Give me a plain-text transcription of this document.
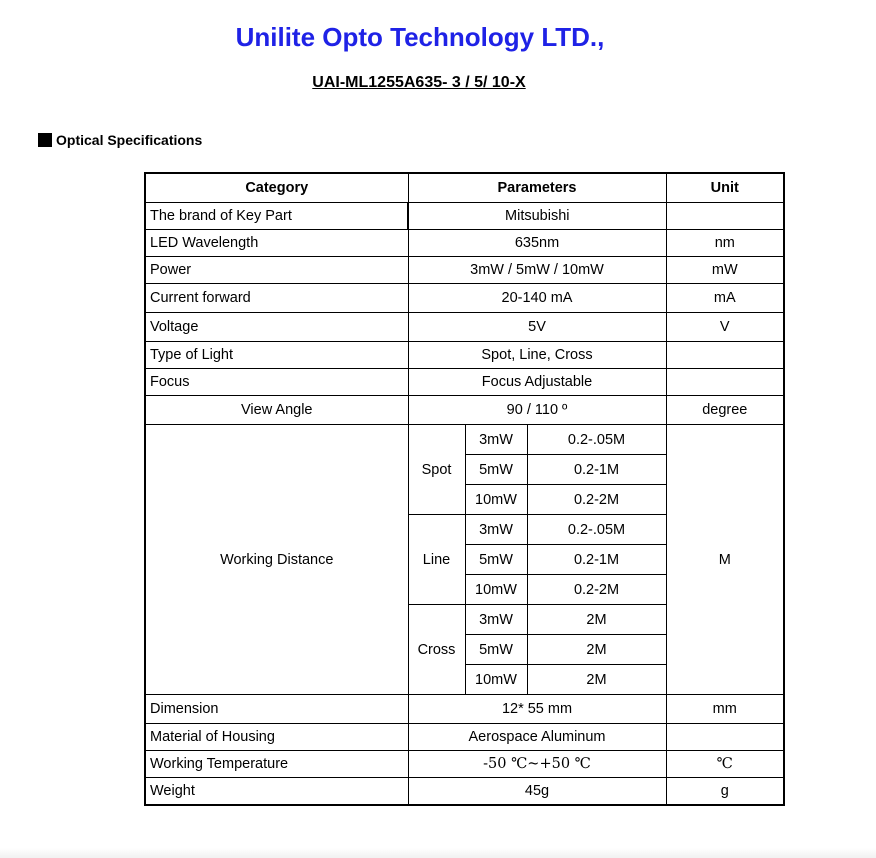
Unilite Opto Technology LTD.,
UAI-ML1255A635- 3 / 5/ 10-X
Optical Specifications
Category	Parameters			Unit
The brand of Key Part	Mitsubishi			
LED Wavelength	635nm			nm
Power	3mW / 5mW / 10mW			mW
Current forward	20-140 mA			mA
Voltage	5V			V
Type of Light	Spot, Line, Cross			
Focus	Focus Adjustable			
View Angle	90 / 110 º			degree
Working Distance	Spot	3mW	0.2-.05M	M
		5mW	0.2-1M	
		10mW	0.2-2M	
	Line	3mW	0.2-.05M	
		5mW	0.2-1M	
		10mW	0.2-2M	
	Cross	3mW	2M	
		5mW	2M	
		10mW	2M	
Dimension	12* 55 mm			mm
Material of Housing	Aerospace Aluminum			
Working Temperature	-50 ℃~+50 ℃			℃
Weight	45g			g
